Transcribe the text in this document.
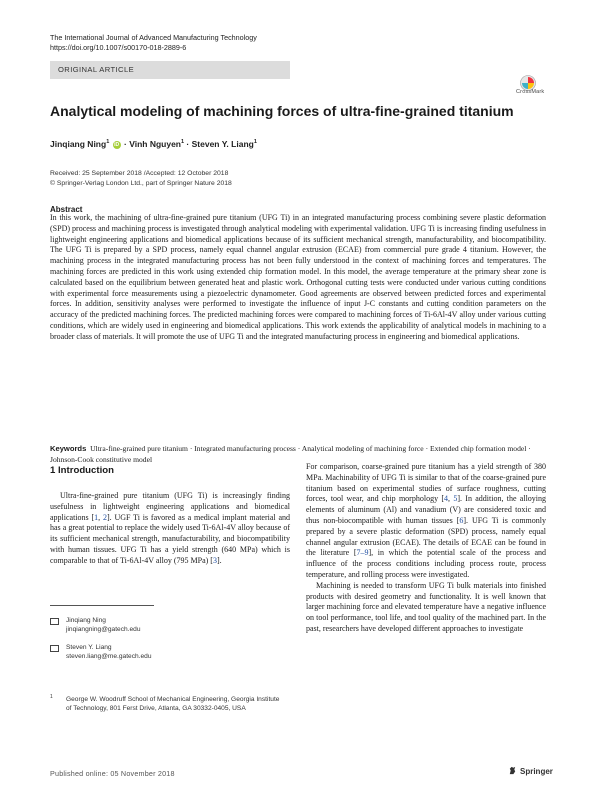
The International Journal of Advanced Manufacturing Technology
https://doi.org/10.1007/s00170-018-2889-6
ORIGINAL ARTICLE
CrossMark
Analytical modeling of machining forces of ultra-fine-grained titanium
Jinqiang Ning$^1$ iD · Vinh Nguyen$^1$ · Steven Y. Liang$^1$
Received: 25 September 2018 /Accepted: 12 October 2018
© Springer-Verlag London Ltd., part of Springer Nature 2018
Abstract

In this work, the machining of ultra-fine-grained pure titanium (UFG Ti) in an integrated manufacturing process combining severe plastic deformation (SPD) process and machining process is investigated through analytical modeling with experimental validation. UFG Ti is increasing finding usefulness in lightweight engineering applications and biomedical applications because of its sufficient mechanical strength, manufacturability, and biocompatibility. The UFG Ti is prepared by a SPD process, namely equal channel angular extrusion (ECAE) from commercial pure grade 4 titanium. However, the machining process in the integrated manufacturing process has not been fully understood in the context of machining forces and temperatures. The machining forces are predicted in this work using extended chip formation model. In this model, the average temperature at the primary shear zone is calculated based on the equilibrium between generated heat and plastic work. Orthogonal cutting tests were conducted under various cutting conditions with experimental force measurements using a piezoelectric dynamometer. Good agreements are observed between predicted forces and experimental forces. In addition, sensitivity analyses were performed to investigate the influence of input J-C constants and cutting condition parameters on the accuracy of the predicted machining forces. The predicted machining forces were compared to machining forces of Ti-6Al-4V alloy under various cutting conditions, which are widely used in engineering and biomedical applications. This work extends the applicability of analytical models in machining to a broader class of materials. It will promote the use of UFG Ti and the integrated manufacturing process in engineering and biomedical applications.

Keywords Ultra-fine-grained pure titanium · Integrated manufacturing process · Analytical modeling of machining force · Extended chip formation model · Johnson-Cook constitutive model
1 Introduction

Ultra-fine-grained pure titanium (UFG Ti) is increasingly finding usefulness in lightweight engineering applications and biomedical applications [1, 2]. UGF Ti is favored as a medical implant material and has a great potential to replace the widely used Ti-6Al-4V alloy because of its sufficient mechanical strength, manufacturability, and biocompatibility with human tissues. UFG Ti has a yield strength (640 MPa) which is comparable to that of Ti-6Al-4V alloy (795 MPa) [3].

For comparison, coarse-grained pure titanium has a yield strength of 380 MPa. Machinability of UFG Ti is similar to that of the coarse-grained pure titanium based on experimental studies of surface roughness, cutting forces, tool wear, and chip morphology [4, 5]. In addition, the alloying elements of aluminum (Al) and vanadium (V) are considered toxic and thus non-biocompatible with human tissues [6]. UFG Ti is commonly prepared by a severe plastic deformation (SPD) process, namely equal channel angular extrusion (ECAE). The details of ECAE can be found in the literature [7–9], in which the potential scale of the process and influence of the process conditions including process route, process temperature, and rolling process were investigated.

Machining is needed to transform UFG Ti bulk materials into finished products with desired geometry and functionality. It is well known that larger machining force and elevated temperature have a negative influence on tool performance, tool life, and tool quality of the machined part. In the past, researchers have developed different approaches to investigate

Jinqiang Ning
jinqiangning@gatech.edu
Steven Y. Liang
steven.liang@me.gatech.edu
1 George W. Woodruff School of Mechanical Engineering, Georgia Institute of Technology, 801 Ferst Drive, Atlanta, GA 30332-0405, USA
Published online: 05 November 2018	Springer
